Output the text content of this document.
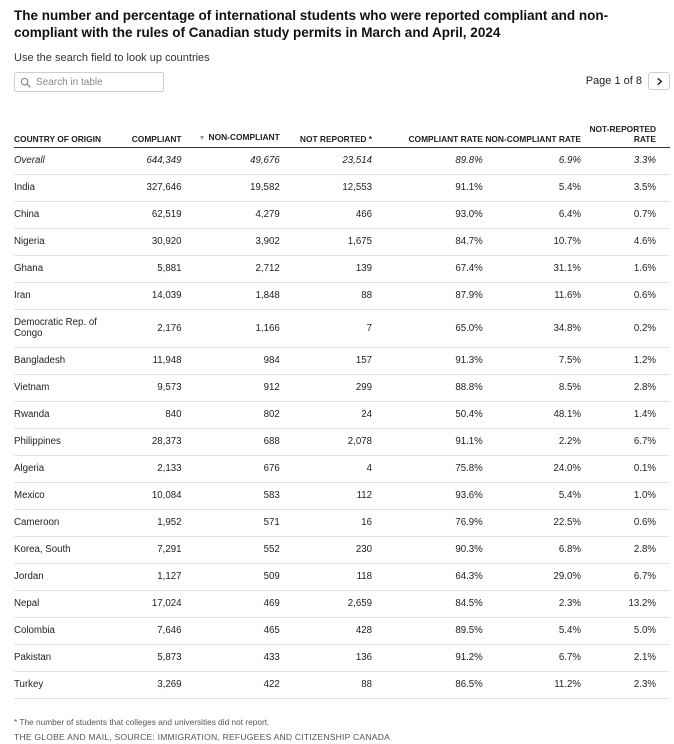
The number and percentage of international students who were reported compliant and non-compliant with the rules of Canadian study permits in March and April, 2024
Use the search field to look up countries
Search in table
Page 1 of 8
COUNTRY OF ORIGIN	COMPLIANT	▼ NON-COMPLIANT	NOT REPORTED *	COMPLIANT RATE	NON-COMPLIANT RATE	NOT-REPORTED RATE
Overall	644,349	49,676	23,514	89.8%	6.9%	3.3%
India	327,646	19,582	12,553	91.1%	5.4%	3.5%
China	62,519	4,279	466	93.0%	6.4%	0.7%
Nigeria	30,920	3,902	1,675	84.7%	10.7%	4.6%
Ghana	5,881	2,712	139	67.4%	31.1%	1.6%
Iran	14,039	1,848	88	87.9%	11.6%	0.6%
Democratic Rep. of Congo	2,176	1,166	7	65.0%	34.8%	0.2%
Bangladesh	11,948	984	157	91.3%	7.5%	1.2%
Vietnam	9,573	912	299	88.8%	8.5%	2.8%
Rwanda	840	802	24	50.4%	48.1%	1.4%
Philippines	28,373	688	2,078	91.1%	2.2%	6.7%
Algeria	2,133	676	4	75.8%	24.0%	0.1%
Mexico	10,084	583	112	93.6%	5.4%	1.0%
Cameroon	1,952	571	16	76.9%	22.5%	0.6%
Korea, South	7,291	552	230	90.3%	6.8%	2.8%
Jordan	1,127	509	118	64.3%	29.0%	6.7%
Nepal	17,024	469	2,659	84.5%	2.3%	13.2%
Colombia	7,646	465	428	89.5%	5.4%	5.0%
Pakistan	5,873	433	136	91.2%	6.7%	2.1%
Turkey	3,269	422	88	86.5%	11.2%	2.3%
* The number of students that colleges and universities did not report.
THE GLOBE AND MAIL, SOURCE: IMMIGRATION, REFUGEES AND CITIZENSHIP CANADA
